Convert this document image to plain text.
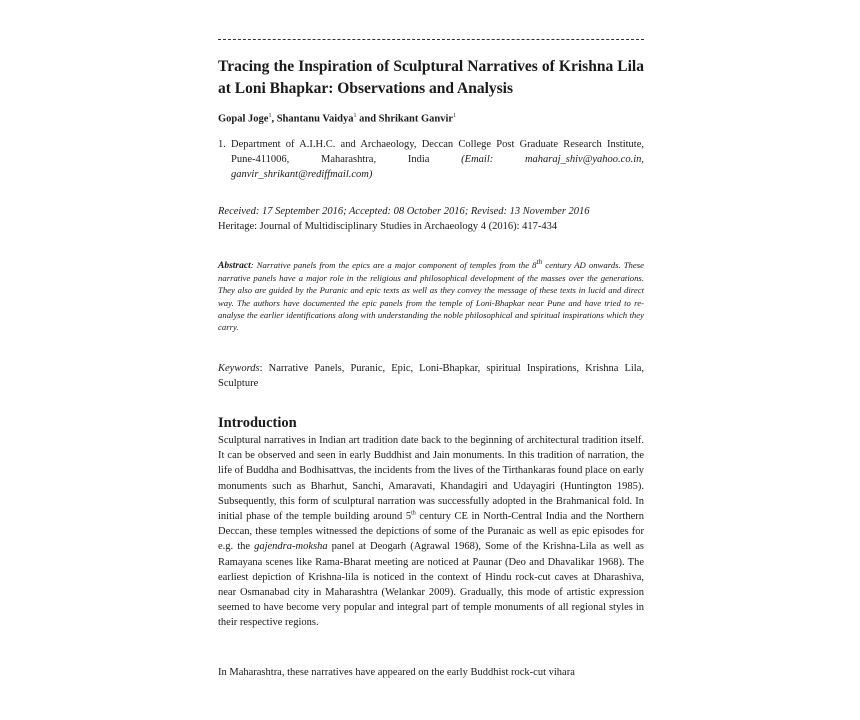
Tracing the Inspiration of Sculptural Narratives of Krishna Lila at Loni Bhapkar: Observations and Analysis
Gopal Joge$^1$, Shantanu Vaidya$^1$ and Shrikant Ganvir$^1$
1. Department of A.I.H.C. and Archaeology, Deccan College Post Graduate Research Institute, Pune-411006, Maharashtra, India (Email: maharaj_shiv@yahoo.co.in, ganvir_shrikant@rediffmail.com)
Received: 17 September 2016; Accepted: 08 October 2016; Revised: 13 November 2016
Heritage: Journal of Multidisciplinary Studies in Archaeology 4 (2016): 417-434
Abstract: Narrative panels from the epics are a major component of temples from the 8th century AD onwards. These narrative panels have a major role in the religious and philosophical development of the masses over the generations. They also are guided by the Puranic and epic texts as well as they convey the message of these texts in lucid and direct way. The authors have documented the epic panels from the temple of Loni-Bhapkar near Pune and have tried to re-analyse the earlier identifications along with understanding the noble philosophical and spiritual inspirations which they carry.
Keywords: Narrative Panels, Puranic, Epic, Loni-Bhapkar, spiritual Inspirations, Krishna Lila, Sculpture
Introduction

Sculptural narratives in Indian art tradition date back to the beginning of architectural tradition itself. It can be observed and seen in early Buddhist and Jain monuments. In this tradition of narration, the life of Buddha and Bodhisattvas, the incidents from the lives of the Tirthankaras found place on early monuments such as Bharhut, Sanchi, Amaravati, Khandagiri and Udayagiri (Huntington 1985). Subsequently, this form of sculptural narration was successfully adopted in the Brahmanical fold. In initial phase of the temple building around 5th century CE in North-Central India and the Northern Deccan, these temples witnessed the depictions of some of the Puranaic as well as epic episodes for e.g. the gajendra-moksha panel at Deogarh (Agrawal 1968), Some of the Krishna-Lila as well as Ramayana scenes like Rama-Bharat meeting are noticed at Paunar (Deo and Dhavalikar 1968). The earliest depiction of Krishna-lila is noticed in the context of Hindu rock-cut caves at Dharashiva, near Osmanabad city in Maharashtra (Welankar 2009). Gradually, this mode of artistic expression seemed to have become very popular and integral part of temple monuments of all regional styles in their respective regions.

In Maharashtra, these narratives have appeared on the early Buddhist rock-cut vihara
